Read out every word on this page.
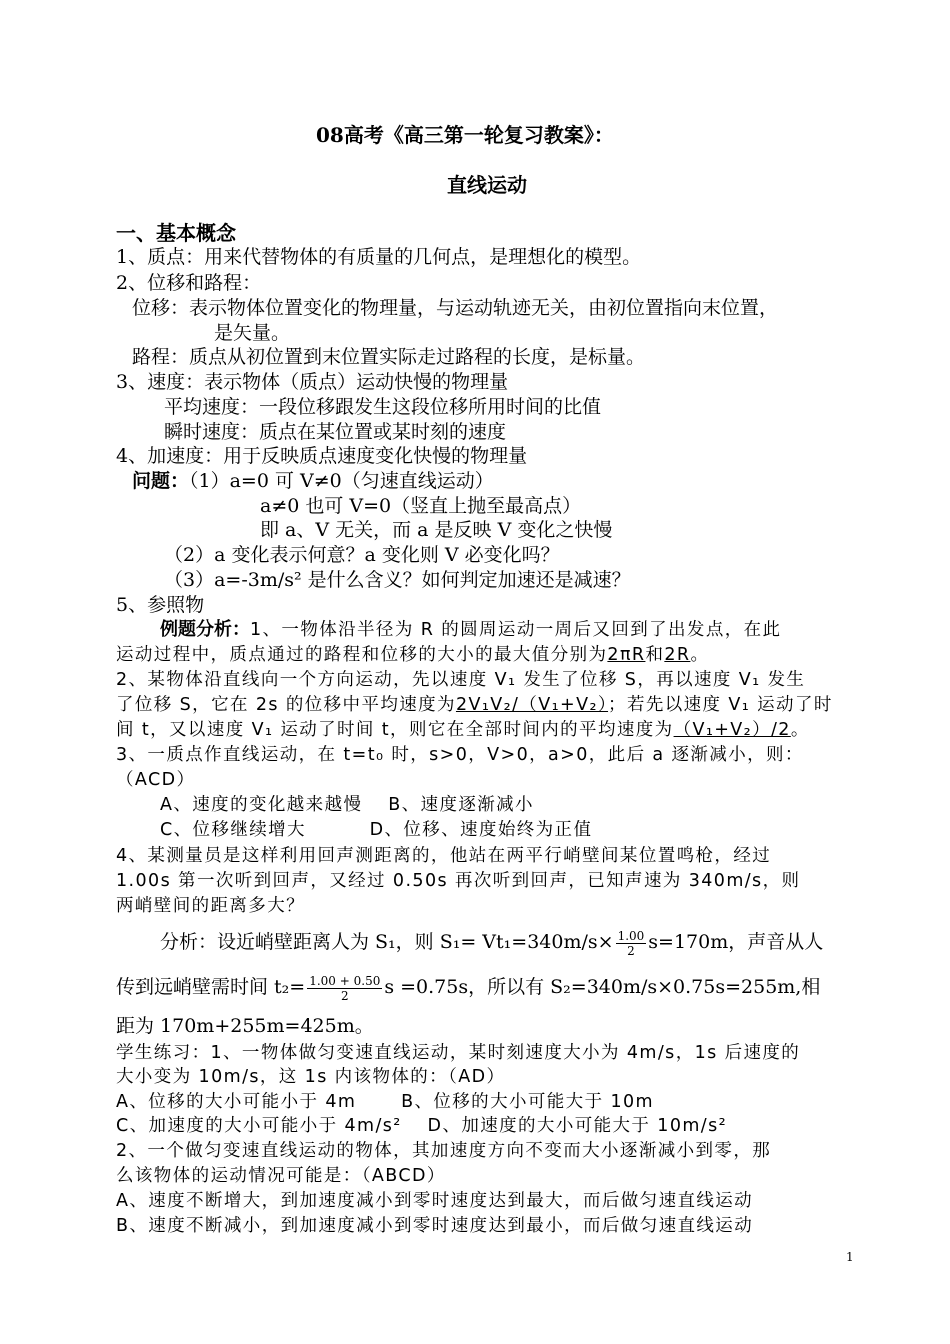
08高考《高三第一轮复习教案》：
直线运动
一、基本概念
1、质点：用来代替物体的有质量的几何点，是理想化的模型。
2、位移和路程：
位移：表示物体位置变化的物理量，与运动轨迹无关，由初位置指向末位置，
是矢量。
路程：质点从初位置到末位置实际走过路程的长度，是标量。
3、速度：表示物体（质点）运动快慢的物理量
平均速度：一段位移跟发生这段位移所用时间的比值
瞬时速度：质点在某位置或某时刻的速度
4、加速度：用于反映质点速度变化快慢的物理量
问题：（1）a=0 可 V≠0（匀速直线运动）
a≠0 也可 V=0（竖直上抛至最高点）
即 a、V 无关，而 a 是反映 V 变化之快慢
（2）a 变化表示何意？a 变化则 V 必变化吗？
（3）a=-3m/s² 是什么含义？如何判定加速还是减速？
5、参照物
例题分析：1、一物体沿半径为 R 的圆周运动一周后又回到了出发点，在此
运动过程中，质点通过的路程和位移的大小的最大值分别为2πR和2R。
2、某物体沿直线向一个方向运动，先以速度 V₁ 发生了位移 S，再以速度 V₁ 发生
了位移 S，它在 2s 的位移中平均速度为2V₁V₂/（V₁+V₂）；若先以速度 V₁ 运动了时
间 t，又以速度 V₁ 运动了时间 t，则它在全部时间内的平均速度为（V₁+V₂）/2。
3、一质点作直线运动，在 t=t₀ 时，s>0，V>0，a>0，此后 a 逐渐减小，则：
（ACD）
A、速度的变化越来越慢　 B、速度逐渐减小
C、位移继续增大　　　 D、位移、速度始终为正值
4、某测量员是这样利用回声测距离的，他站在两平行峭壁间某位置鸣枪，经过
1.00s 第一次听到回声，又经过 0.50s 再次听到回声，已知声速为 340m/s，则
两峭壁间的距离多大？
分析：设近峭壁距离人为 S₁，则 $S_1= Vt_1=340m/s\times \frac{1.00}{2} s=170m$，声音从人
传到远峭壁需时间 $t_2= \frac{1.00 + 0.50}{2}$ s =0.75s，所以有 S₂=340m/s×0.75s=255m,相
距为 170m+255m=425m。
学生练习：1、一物体做匀变速直线运动，某时刻速度大小为 4m/s，1s 后速度的
大小变为 10m/s，这 1s 内该物体的：（AD）
A、位移的大小可能小于 4m　　 B、位移的大小可能大于 10m
C、加速度的大小可能小于 4m/s²　 D、加速度的大小可能大于 10m/s²
2、一个做匀变速直线运动的物体，其加速度方向不变而大小逐渐减小到零，那
么该物体的运动情况可能是：（ABCD）
A、速度不断增大，到加速度减小到零时速度达到最大，而后做匀速直线运动
B、速度不断减小，到加速度减小到零时速度达到最小，而后做匀速直线运动
1
